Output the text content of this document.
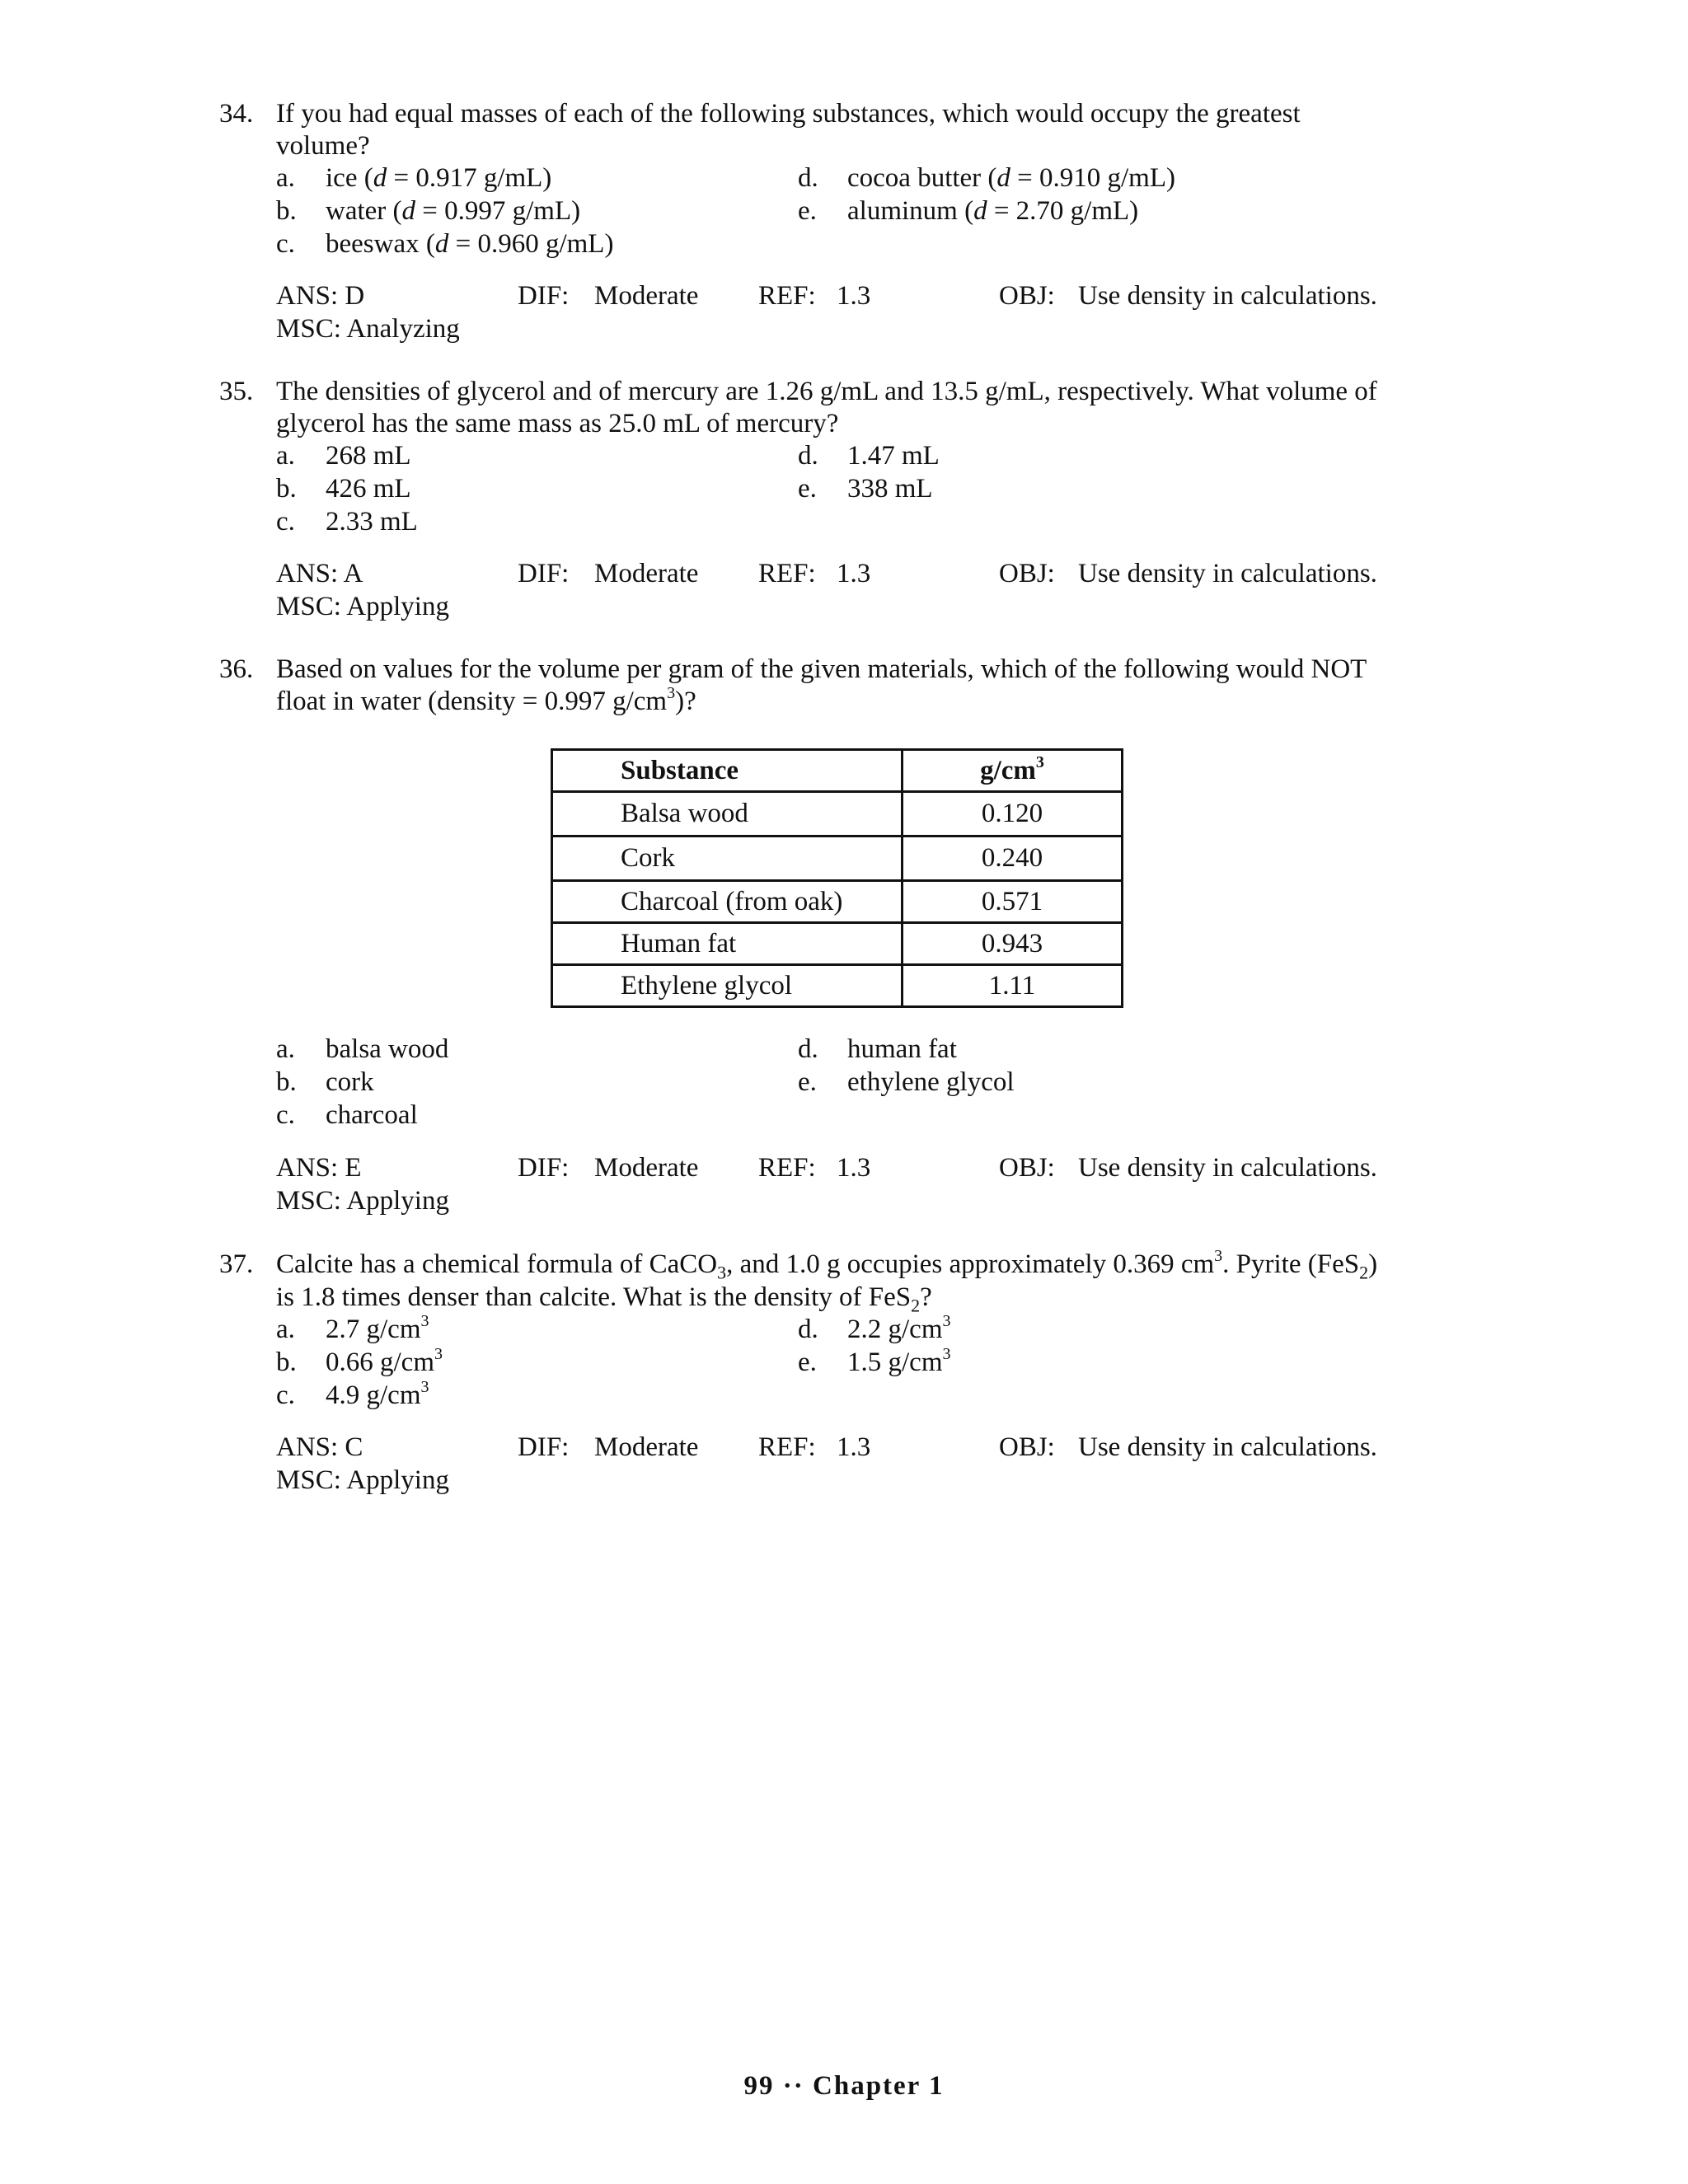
34. If you had equal masses of each of the following substances, which would occupy the greatest
volume?
a. ice (d = 0.917 g/mL)
b. water (d = 0.997 g/mL)
c. beeswax (d = 0.960 g/mL)
d. cocoa butter (d = 0.910 g/mL)
e. aluminum (d = 2.70 g/mL)
ANS: D	DIF: Moderate REF: 1.3	OBJ: Use density in calculations.
MSC: Analyzing
35. The densities of glycerol and of mercury are 1.26 g/mL and 13.5 g/mL, respectively. What volume of
glycerol has the same mass as 25.0 mL of mercury?
a. 268 mL
b. 426 mL
c. 2.33 mL
d. 1.47 mL
e. 338 mL
ANS: A	DIF: Moderate REF: 1.3	OBJ: Use density in calculations.
MSC: Applying
36. Based on values for the volume per gram of the given materials, which of the following would NOT
float in water (density = 0.997 $g/cm^3$)?
Substance	$g/cm^3$
Balsa wood	0.120
Cork	0.240
Charcoal (from oak)	0.571
Human fat	0.943
Ethylene glycol	1.11
a. balsa wood
b. cork
c. charcoal
d. human fat
e. ethylene glycol
ANS: E	DIF: Moderate REF: 1.3	OBJ: Use density in calculations.
MSC: Applying
37. Calcite has a chemical formula of CaCO$_3$, and 1.0 g occupies approximately 0.369 $cm^3$. Pyrite (FeS$_2$)
is 1.8 times denser than calcite. What is the density of FeS$_2$?
a. 2.7 $g/cm^3$
b. 0.66 $g/cm^3$
c. 4.9 $g/cm^3$
d. 2.2 $g/cm^3$
e. 1.5 $g/cm^3$
ANS: C	DIF: Moderate REF: 1.3	OBJ: Use density in calculations.
MSC: Applying
99 ·· Chapter 1
